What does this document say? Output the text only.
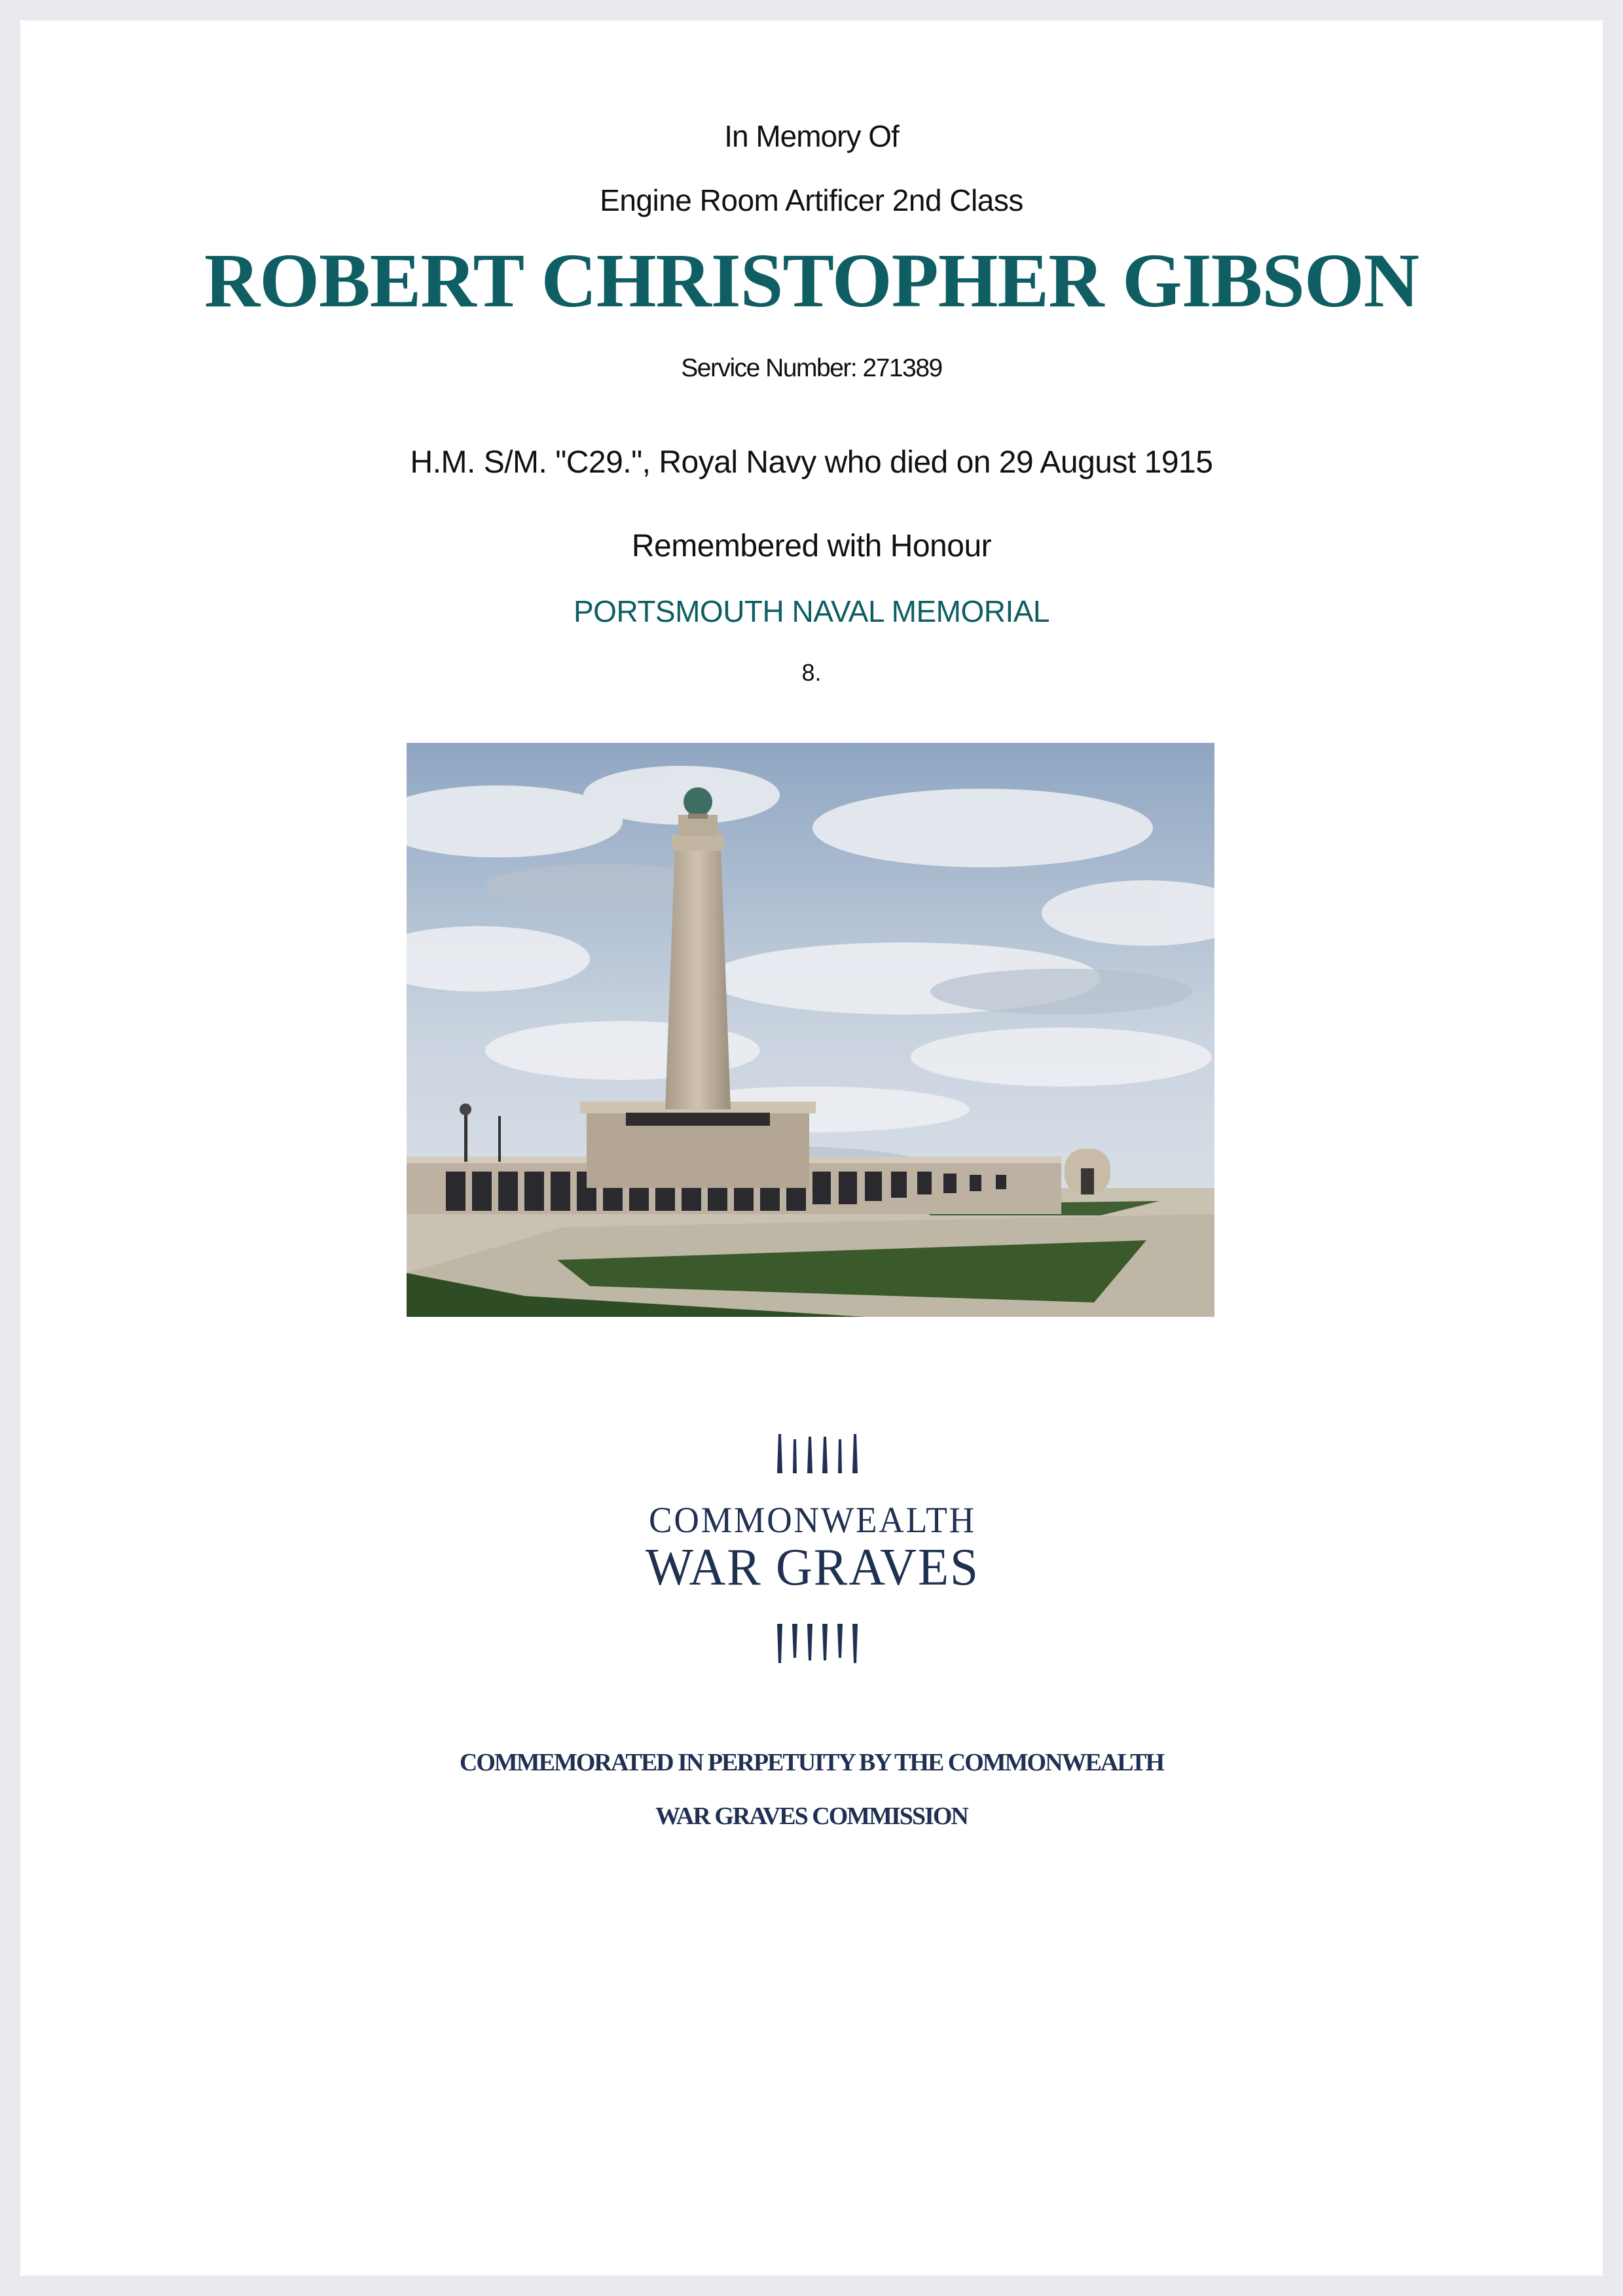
In Memory Of
Engine Room Artificer 2nd Class
ROBERT CHRISTOPHER GIBSON
Service Number: 271389
H.M. S/M. "C29.", Royal Navy who died on 29 August 1915
Remembered with Honour
PORTSMOUTH NAVAL MEMORIAL
8.
COMMONWEALTH
WAR GRAVES
COMMEMORATED IN PERPETUITY BY THE COMMONWEALTH
WAR GRAVES COMMISSION
